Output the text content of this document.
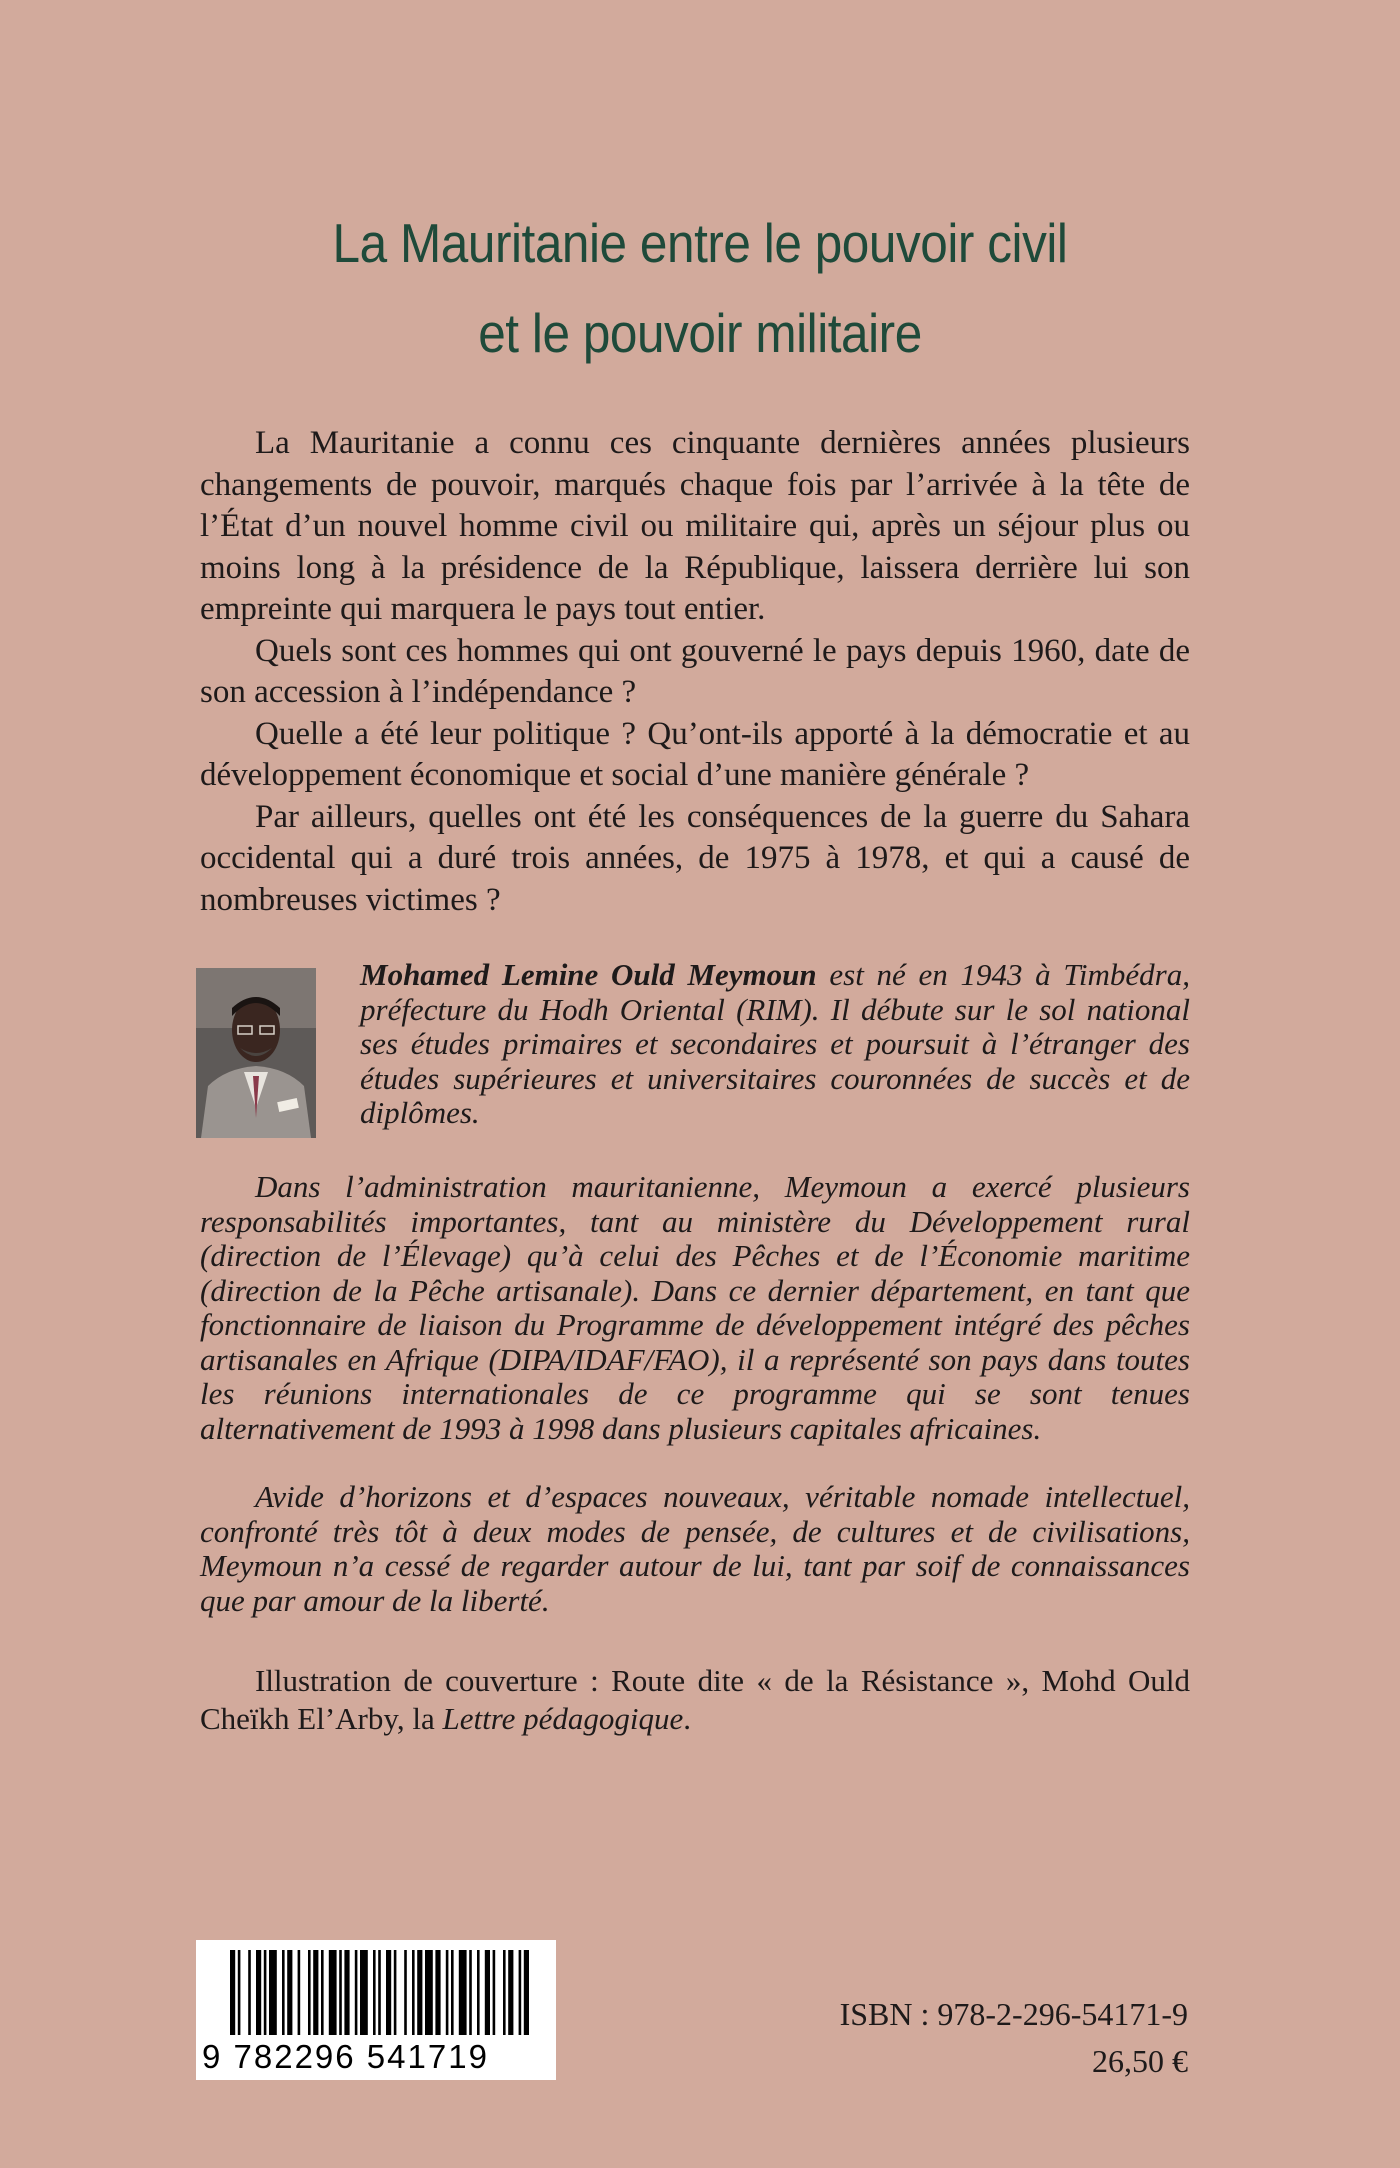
La Mauritanie entre le pouvoir civil
et le pouvoir militaire

La Mauritanie a connu ces cinquante dernières années plusieurs changements de pouvoir, marqués chaque fois par l’arrivée à la tête de l’État d’un nouvel homme civil ou militaire qui, après un séjour plus ou moins long à la présidence de la République, laissera derrière lui son empreinte qui marquera le pays tout entier.

Quels sont ces hommes qui ont gouverné le pays depuis 1960, date de son accession à l’indépendance ?

Quelle a été leur politique ? Qu’ont-ils apporté à la démocratie et au développement économique et social d’une manière générale ?

Par ailleurs, quelles ont été les conséquences de la guerre du Sahara occidental qui a duré trois années, de 1975 à 1978, et qui a causé de nombreuses victimes ?

Mohamed Lemine Ould Meymoun est né en 1943 à Timbédra, préfecture du Hodh Oriental (RIM). Il débute sur le sol national ses études primaires et secondaires et poursuit à l’étranger des études supérieures et universitaires couronnées de succès et de diplômes.

Dans l’administration mauritanienne, Meymoun a exercé plusieurs responsabilités importantes, tant au ministère du Développement rural (direction de l’Élevage) qu’à celui des Pêches et de l’Économie maritime (direction de la Pêche artisanale). Dans ce dernier département, en tant que fonctionnaire de liaison du Programme de développement intégré des pêches artisanales en Afrique (DIPA/IDAF/FAO), il a représenté son pays dans toutes les réunions internationales de ce programme qui se sont tenues alternativement de 1993 à 1998 dans plusieurs capitales africaines.

Avide d’horizons et d’espaces nouveaux, véritable nomade intellectuel, confronté très tôt à deux modes de pensée, de cultures et de civilisations, Meymoun n’a cessé de regarder autour de lui, tant par soif de connaissances que par amour de la liberté.

Illustration de couverture : Route dite « de la Résistance », Mohd Ould Cheïkh El’Arby, la Lettre pédagogique.

9 782296 541719
ISBN : 978-2-296-54171-9
26,50 €
